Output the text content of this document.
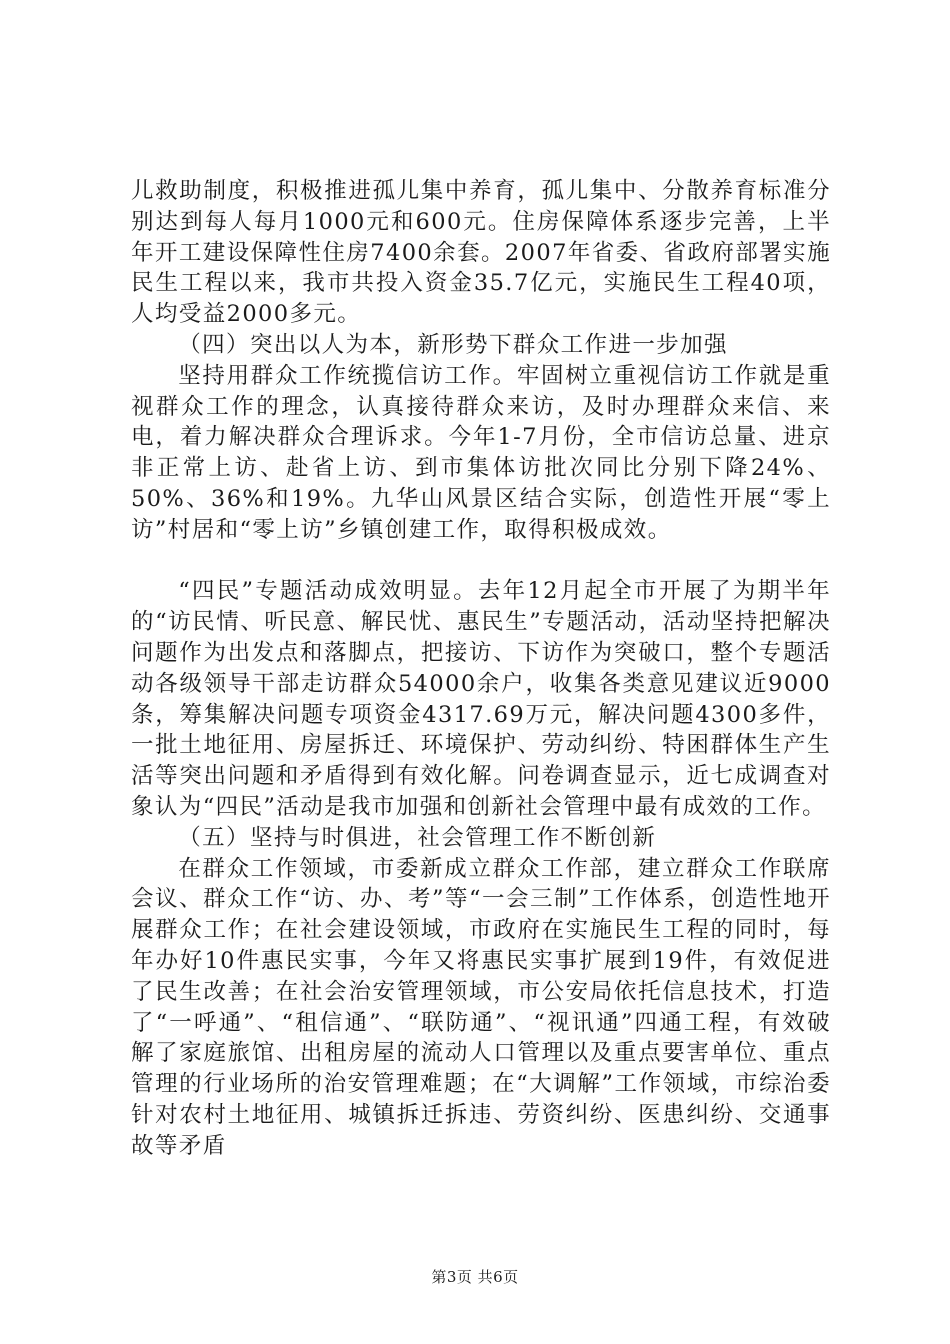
儿救助制度，积极推进孤儿集中养育，孤儿集中、分散养育标准分别达到每人每月1000元和600元。住房保障体系逐步完善，上半年开工建设保障性住房7400余套。2007年省委、省政府部署实施民生工程以来，我市共投入资金35.7亿元，实施民生工程40项，人均受益2000多元。

（四）突出以人为本，新形势下群众工作进一步加强

坚持用群众工作统揽信访工作。牢固树立重视信访工作就是重视群众工作的理念，认真接待群众来访，及时办理群众来信、来电，着力解决群众合理诉求。今年1-7月份，全市信访总量、进京非正常上访、赴省上访、到市集体访批次同比分别下降24%、50%、36%和19%。九华山风景区结合实际，创造性开展“零上访”村居和“零上访”乡镇创建工作，取得积极成效。

“四民”专题活动成效明显。去年12月起全市开展了为期半年的“访民情、听民意、解民忧、惠民生”专题活动，活动坚持把解决问题作为出发点和落脚点，把接访、下访作为突破口，整个专题活动各级领导干部走访群众54000余户，收集各类意见建议近9000条，筹集解决问题专项资金4317.69万元，解决问题4300多件，一批土地征用、房屋拆迁、环境保护、劳动纠纷、特困群体生产生活等突出问题和矛盾得到有效化解。问卷调查显示，近七成调查对象认为“四民”活动是我市加强和创新社会管理中最有成效的工作。

（五）坚持与时俱进，社会管理工作不断创新

在群众工作领域，市委新成立群众工作部，建立群众工作联席会议、群众工作“访、办、考”等“一会三制”工作体系，创造性地开展群众工作；在社会建设领域，市政府在实施民生工程的同时，每年办好10件惠民实事，今年又将惠民实事扩展到19件，有效促进了民生改善；在社会治安管理领域，市公安局依托信息技术，打造了“一呼通”、“租信通”、“联防通”、“视讯通”四通工程，有效破解了家庭旅馆、出租房屋的流动人口管理以及重点要害单位、重点管理的行业场所的治安管理难题；在“大调解”工作领域，市综治委针对农村土地征用、城镇拆迁拆违、劳资纠纷、医患纠纷、交通事故等矛盾

第3页 共6页
